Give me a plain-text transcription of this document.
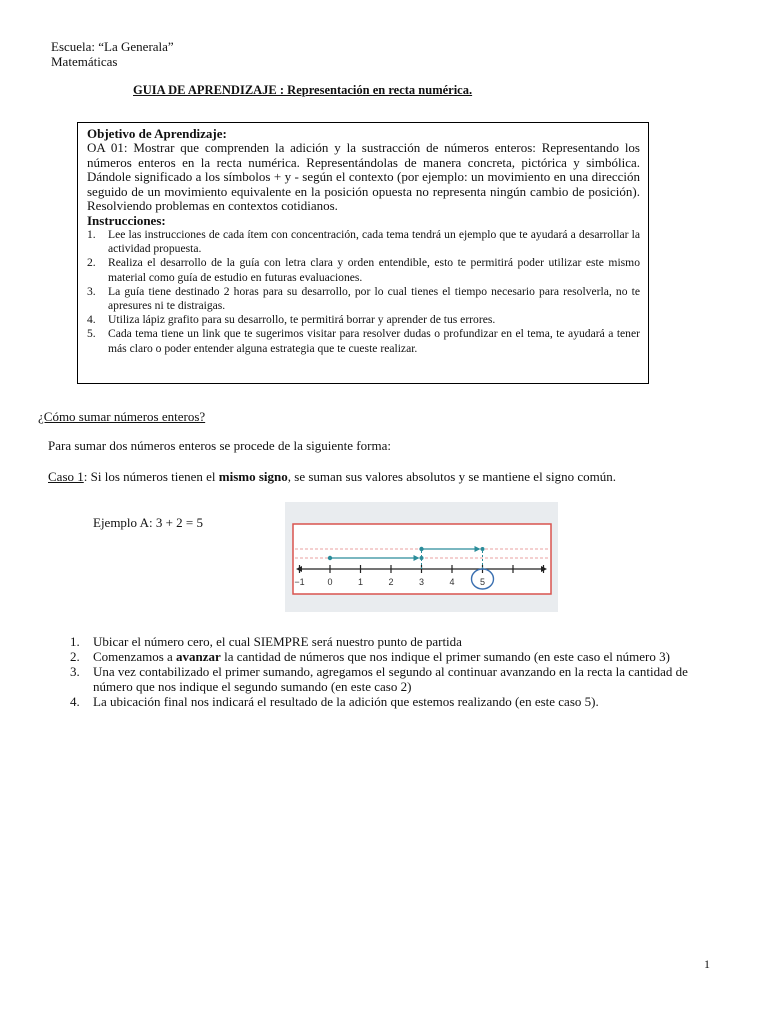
Escuela: “La Generala”
Matemáticas
GUIA DE APRENDIZAJE : Representación en recta numérica.
Objetivo de Aprendizaje:
OA 01: Mostrar que comprenden la adición y la sustracción de números enteros: Representando los números enteros en la recta numérica. Representándolas de manera concreta, pictórica y simbólica. Dándole significado a los símbolos + y - según el contexto (por ejemplo: un movimiento en una dirección seguido de un movimiento equivalente en la posición opuesta no representa ningún cambio de posición). Resolviendo problemas en contextos cotidianos.
Instrucciones:
1. Lee las instrucciones de cada ítem con concentración, cada tema tendrá un ejemplo que te ayudará a desarrollar la actividad propuesta.
2. Realiza el desarrollo de la guía con letra clara y orden entendible, esto te permitirá poder utilizar este mismo material como guía de estudio en futuras evaluaciones.
3. La guía tiene destinado 2 horas para su desarrollo, por lo cual tienes el tiempo necesario para resolverla, no te apresures ni te distraigas.
4. Utiliza lápiz grafito para su desarrollo, te permitirá borrar y aprender de tus errores.
5. Cada tema tiene un link que te sugerimos visitar para resolver dudas o profundizar en el tema, te ayudará a tener más claro o poder entender alguna estrategia que te cueste realizar.
¿Cómo sumar números enteros?
Para sumar dos números enteros se procede de la siguiente forma:
Caso 1: Si los números tienen el mismo signo, se suman sus valores absolutos y se mantiene el signo común.
Ejemplo A: 3 + 2 = 5
−1	0	1	2	3	4	5
1. Ubicar el número cero, el cual SIEMPRE será nuestro punto de partida
2. Comenzamos a avanzar la cantidad de números que nos indique el primer sumando (en este caso el número 3)
3. Una vez contabilizado el primer sumando, agregamos el segundo al continuar avanzando en la recta la cantidad de número que nos indique el segundo sumando (en este caso 2)
4. La ubicación final nos indicará el resultado de la adición que estemos realizando (en este caso 5).
1
